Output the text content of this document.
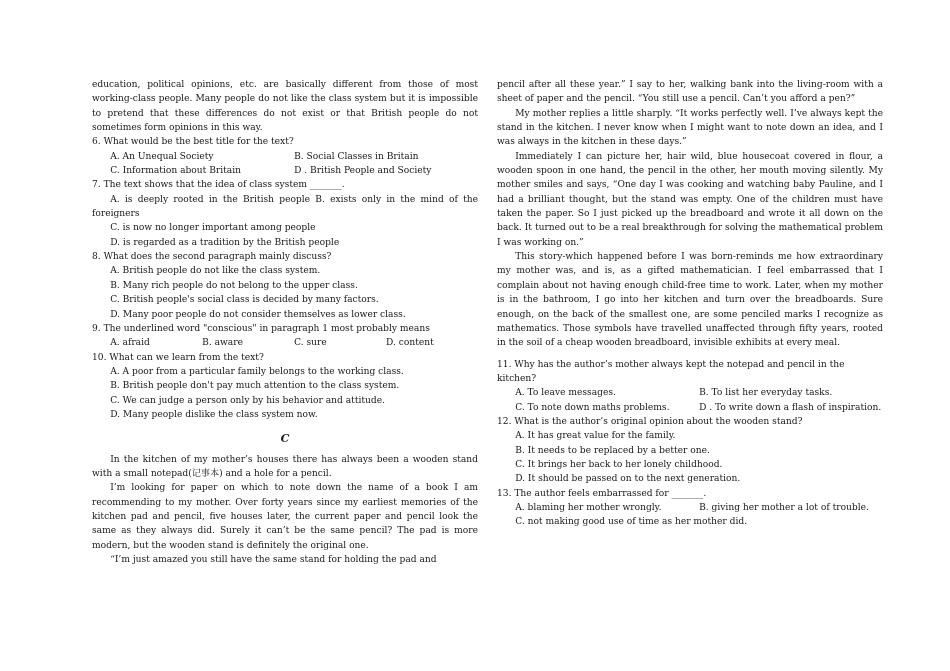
education, political opinions, etc. are basically different from those of most working-class people. Many people do not like the class system but it is impossible to pretend that these differences do not exist or that British people do not sometimes form opinions in this way.

6. What would be the best title for the text?

A. An Unequal Society	B. Social Classes in Britain
C. Information about Britain	D . British People and Society

7. The text shows that the idea of class system _______.

A. is deeply rooted in the British people B. exists only in the mind of the foreigners

C. is now no longer important among people

D. is regarded as a tradition by the British people

8. What does the second paragraph mainly discuss?

A. British people do not like the class system.

B. Many rich people do not belong to the upper class.

C. British people's social class is decided by many factors.

D. Many poor people do not consider themselves as lower class.

9. The underlined word "conscious" in paragraph 1 most probably means

A. afraid	B. aware	C. sure	D. content

10. What can we learn from the text?

A. A poor from a particular family belongs to the working class.

B. British people don't pay much attention to the class system.

C. We can judge a person only by his behavior and attitude.

D. Many people dislike the class system now.

C

In the kitchen of my mother’s houses there has always been a wooden stand with a small notepad(记事本) and a hole for a pencil.

I’m looking for paper on which to note down the name of a book I am recommending to my mother. Over forty years since my earliest memories of the kitchen pad and pencil, five houses later, the current paper and pencil look the same as they always did. Surely it can’t be the same pencil? The pad is more modern, but the wooden stand is definitely the original one.

“I’m just amazed you still have the same stand for holding the pad and

pencil after all these year.” I say to her, walking bank into the living-room with a sheet of paper and the pencil. “You still use a pencil. Can’t you afford a pen?”

My mother replies a little sharply. “It works perfectly well. I’ve always kept the stand in the kitchen. I never know when I might want to note down an idea, and I was always in the kitchen in these days.”

Immediately I can picture her, hair wild, blue housecoat covered in flour, a wooden spoon in one hand, the pencil in the other, her mouth moving silently. My mother smiles and says, “One day I was cooking and watching baby Pauline, and I had a brilliant thought, but the stand was empty. One of the children must have taken the paper. So I just picked up the breadboard and wrote it all down on the back. It turned out to be a real breakthrough for solving the mathematical problem I was working on.”

This story-which happened before I was born-reminds me how extraordinary my mother was, and is, as a gifted mathematician. I feel embarrassed that I complain about not having enough child-free time to work. Later, when my mother is in the bathroom, I go into her kitchen and turn over the breadboards. Sure enough, on the back of the smallest one, are some penciled marks I recognize as mathematics. Those symbols have travelled unaffected through fifty years, rooted in the soil of a cheap wooden breadboard, invisible exhibits at every meal.

11. Why has the author’s mother always kept the notepad and pencil in the kitchen?

A. To leave messages.	B. To list her everyday tasks.
C. To note down maths problems.	D . To write down a flash of inspiration.

12. What is the author’s original opinion about the wooden stand?

A. It has great value for the family.

B. It needs to be replaced by a better one.

C. It brings her back to her lonely childhood.

D. It should be passed on to the next generation.

13. The author feels embarrassed for _______.

A. blaming her mother wrongly.	B. giving her mother a lot of trouble.

C. not making good use of time as her mother did.
